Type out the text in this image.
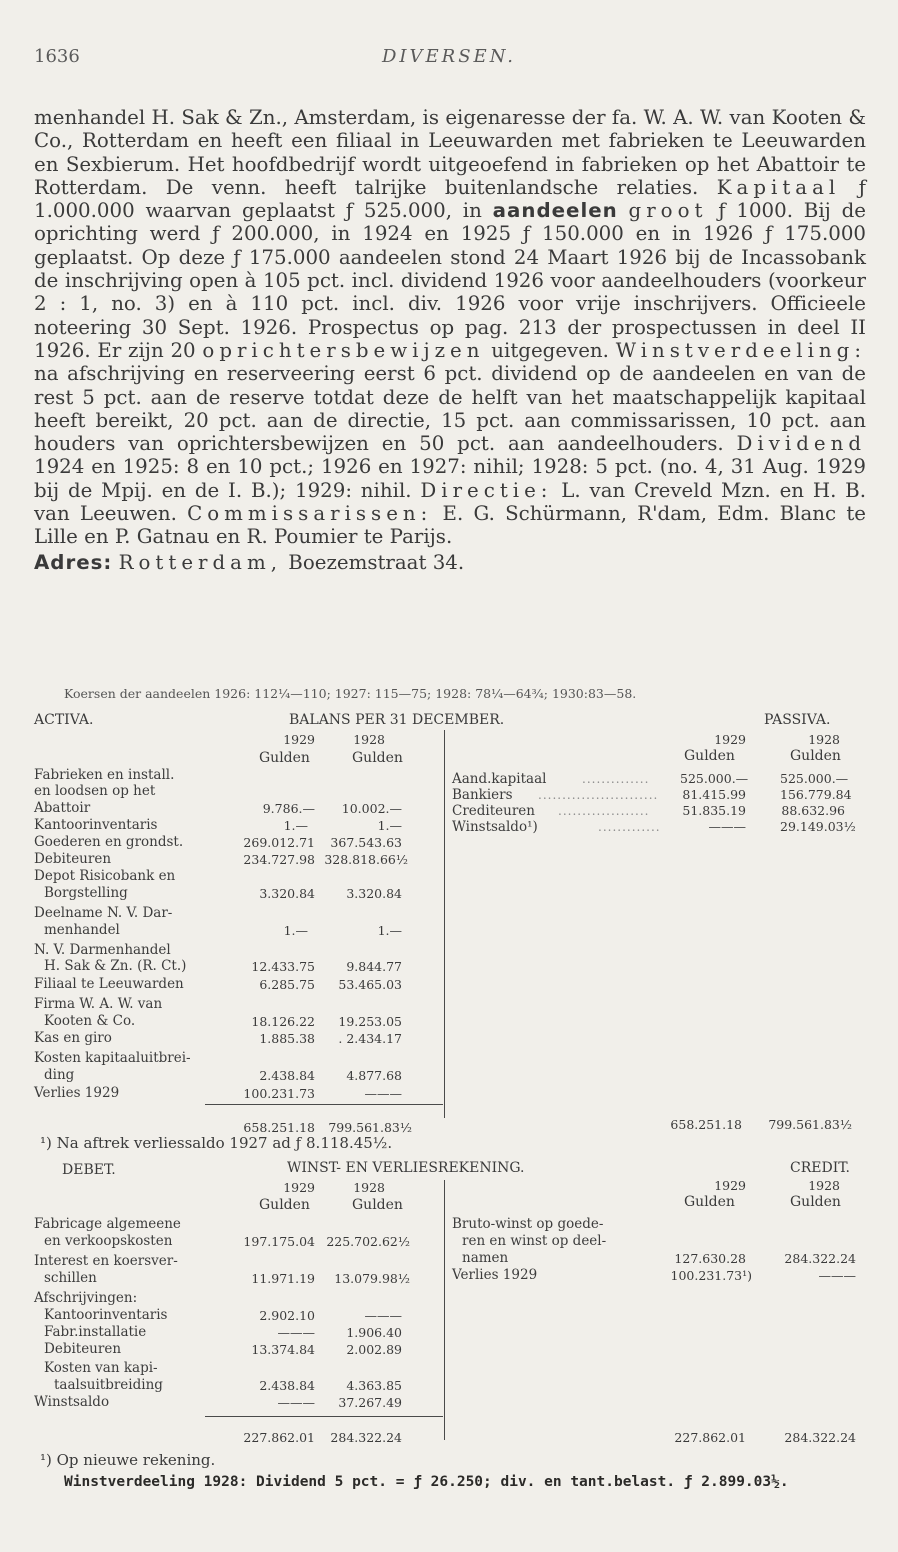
1636	DIVERSEN.

menhandel H. Sak & Zn., Amsterdam, is eigenaresse der fa. W. A. W. van Kooten & Co., Rotterdam en heeft een filiaal in Leeuwarden met fabrieken te Leeuwarden en Sexbierum. Het hoofdbedrijf wordt uitgeoefend in fabrieken op het Abattoir te Rotterdam. De venn. heeft talrijke buitenlandsche relaties. Kapitaal ƒ 1.000.000 waarvan geplaatst ƒ 525.000, in aandeelen groot ƒ 1000. Bij de oprichting werd ƒ 200.000, in 1924 en 1925 ƒ 150.000 en in 1926 ƒ 175.000 geplaatst. Op deze ƒ 175.000 aandeelen stond 24 Maart 1926 bij de Incassobank de inschrijving open à 105 pct. incl. dividend 1926 voor aandeelhouders (voorkeur 2 : 1, no. 3) en à 110 pct. incl. div. 1926 voor vrije inschrijvers. Officieele noteering 30 Sept. 1926. Prospectus op pag. 213 der prospectussen in deel II 1926. Er zijn 20 oprichtersbewijzen uitgegeven. Winstverdeeling: na afschrijving en reserveering eerst 6 pct. dividend op de aandeelen en van de rest 5 pct. aan de reserve totdat deze de helft van het maatschappelijk kapitaal heeft bereikt, 20 pct. aan de directie, 15 pct. aan commissarissen, 10 pct. aan houders van oprichtersbewijzen en 50 pct. aan aandeelhouders. Dividend 1924 en 1925: 8 en 10 pct.; 1926 en 1927: nihil; 1928: 5 pct. (no. 4, 31 Aug. 1929 bij de Mpij. en de I. B.); 1929: nihil. Directie: L. van Creveld Mzn. en H. B. van Leeuwen. Commissarissen: E. G. Schürmann, R'dam, Edm. Blanc te Lille en P. Gatnau en R. Poumier te Parijs.

Adres: Rotterdam, Boezemstraat 34.

Koersen der aandeelen 1926: 112¼—110; 1927: 115—75; 1928: 78¼—64¾; 1930:83—58.
ACTIVA.	BALANS PER 31 DECEMBER.	PASSIVA.
1929	1928
Gulden	Gulden
1929	1928
Gulden	Gulden
Fabrieken en install.
en loodsen op het
Abattoir	9.786.—	10.002.—
Kantoorinventaris	1.—	1.—
Goederen en grondst.	269.012.71	367.543.63
Debiteuren	234.727.98 328.818.66½
Depot Risicobank en
Borgstelling	3.320.84	3.320.84
Deelname N. V. Dar-
menhandel	1.—	1.—
N. V. Darmenhandel
H. Sak & Zn. (R. Ct.)	12.433.75	9.844.77
Filiaal te Leeuwarden	6.285.75	53.465.03
Firma W. A. W. van
Kooten & Co.	18.126.22	19.253.05
Kas en giro	1.885.38	. 2.434.17
Kosten kapitaaluitbrei-
ding	2.438.84	4.877.68
Verlies 1929	100.231.73	———
658.251.18	799.561.83½
Aand.kapitaal	.............. 525.000.—	525.000.—
Bankiers ......................... 81.415.99	156.779.84
Crediteuren ...................	51.835.19	88.632.96
Winstsaldo¹)	.............	———	29.149.03½
658.251.18	799.561.83½
¹) Na aftrek verliessaldo 1927 ad ƒ 8.118.45½.
DEBET.	WINST- EN VERLIESREKENING.	CREDIT.
1929	1928
Gulden	Gulden
1929	1928
Gulden	Gulden
Fabricage algemeene
en verkoopskosten	197.175.04 225.702.62½
Interest en koersver-
schillen	11.971.19	13.079.98½
Afschrijvingen:
Kantoorinventaris	2.902.10	———
Fabr.installatie	———	1.906.40
Debiteuren	13.374.84	2.002.89
Kosten van kapi-
taalsuitbreiding	2.438.84	4.363.85
Winstsaldo	———	37.267.49
227.862.01	284.322.24
Bruto-winst op goede-
ren en winst op deel-
namen	127.630.28	284.322.24
Verlies 1929	100.231.73¹)	———
227.862.01	284.322.24
¹) Op nieuwe rekening.
Winstverdeeling 1928: Dividend 5 pct. = ƒ 26.250; div. en tant.belast. ƒ 2.899.03½.
